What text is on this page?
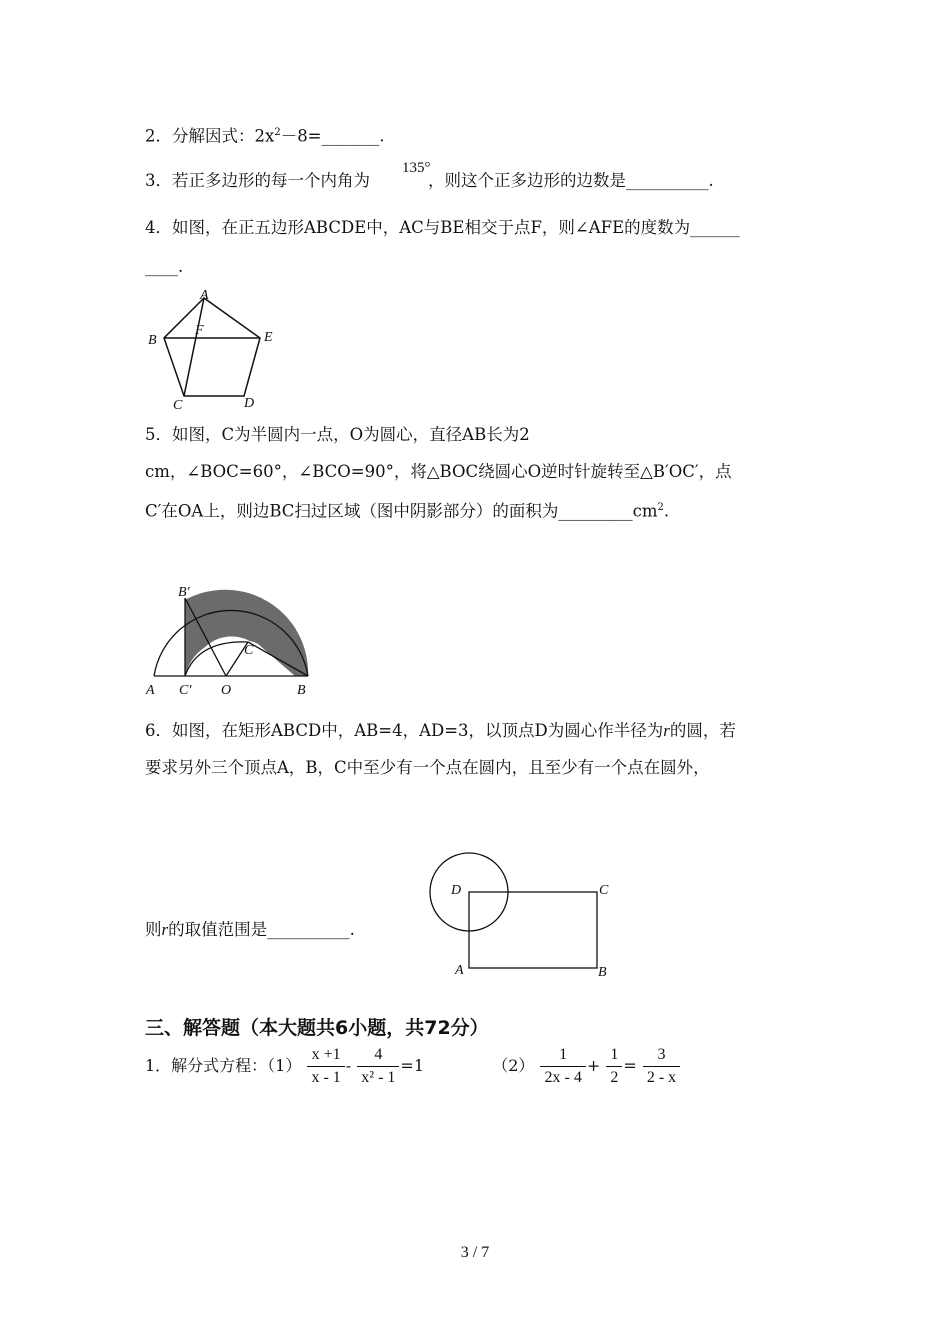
2．分解因式：$2x^2-8=\_\_\_\_\_\_\_$.
3．若正多边形的每一个内角为	，则这个正多边形的边数是__________.
135°
4．如图，在正五边形ABCDE中，AC与BE相交于点F，则∠AFE的度数为______
____.
A
B
C	D
E
F
5．如图，C为半圆内一点，O为圆心，直径AB长为2
cm，∠BOC=60°，∠BCO=90°，将△BOC绕圆心O逆时针旋转至△B′OC′，点
C′在OA上，则边BC扫过区域（图中阴影部分）的面积为$\_\_\_\_\_\_\_\_\_cm^2$.
A	B
O
C
B′
C′
6．如图，在矩形ABCD中，AB=4，AD=3，以顶点D为圆心作半径为r的圆，若
要求另外三个顶点A，B，C中至少有一个点在圆内，且至少有一个点在圆外，
则r的取值范围是__________.
D	C
A	B
三、解答题（本大题共6小题，共72分）
1．解分式方程：$(1) \frac{x +1}{x - 1} - \frac{4}{\text{x² - 1}} =1$	$(2) \frac{1}{2x - 4} + \frac{1}{2} = \frac{3}{2 - x}$
3 / 7
